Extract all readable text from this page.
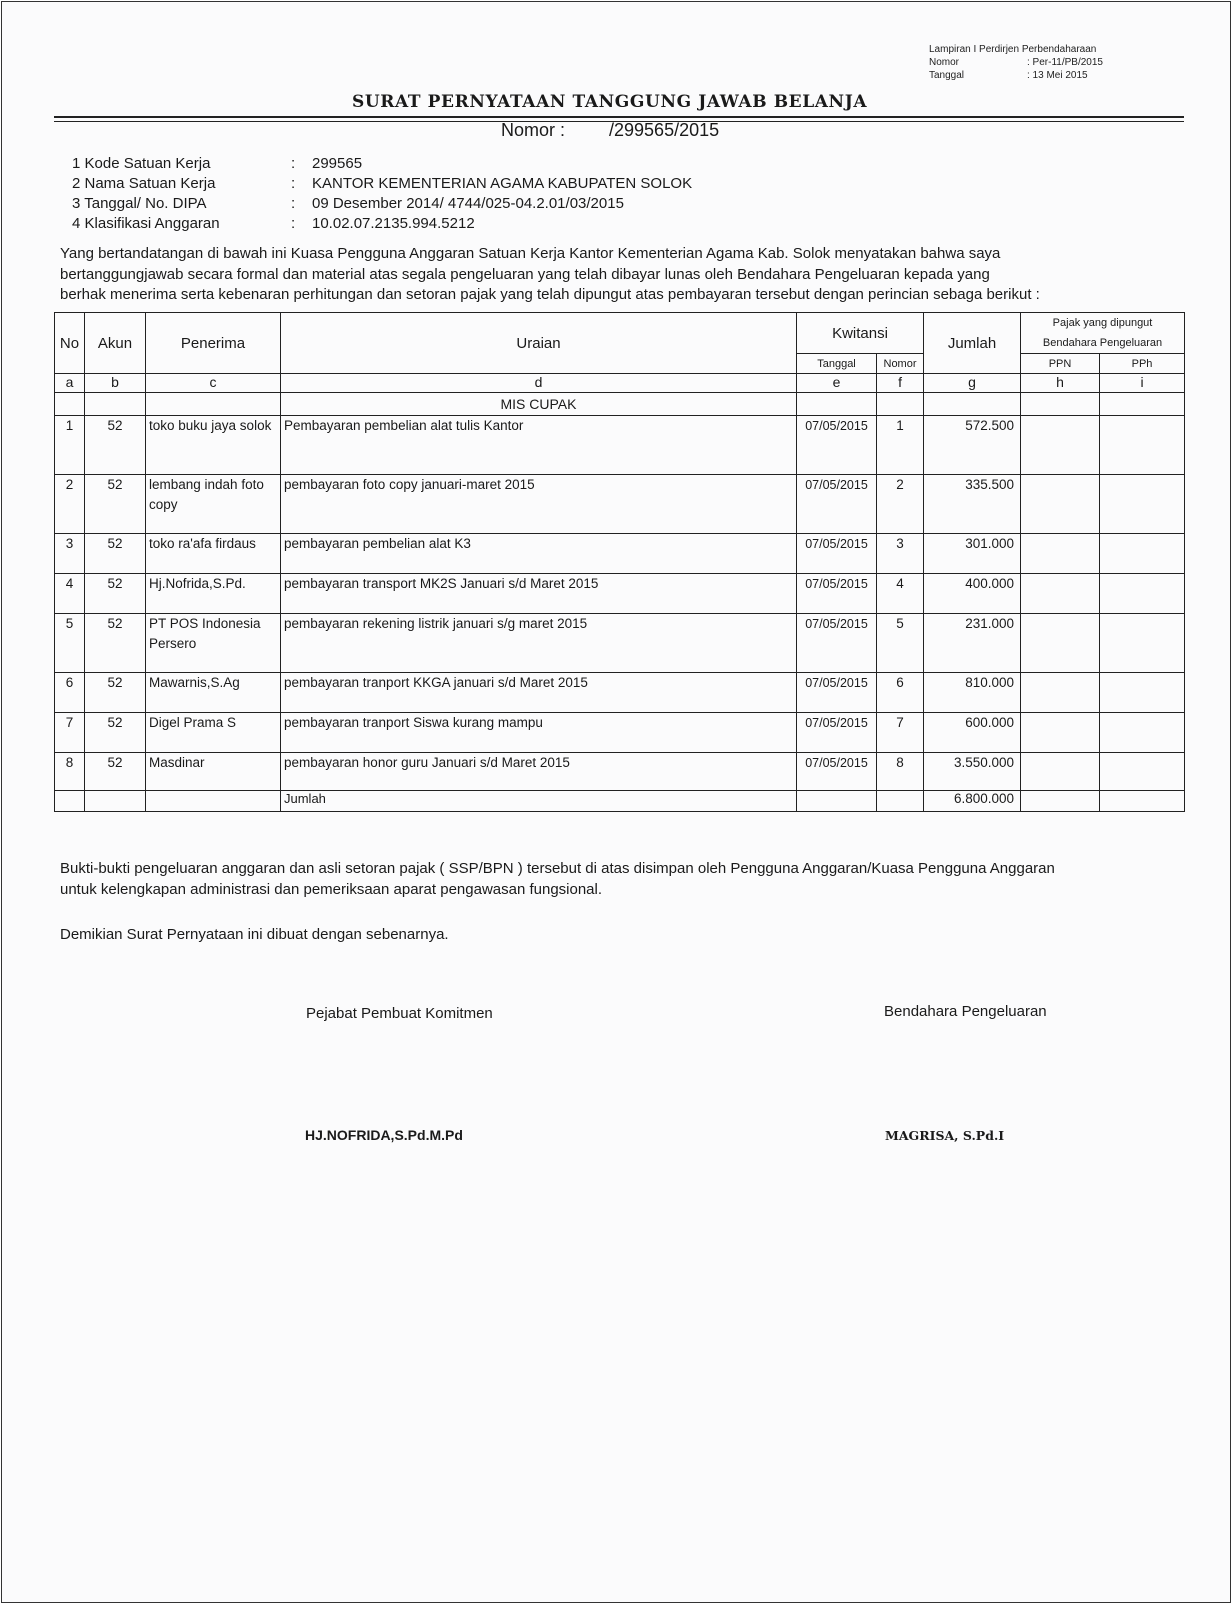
Lampiran I Perdirjen Perbendaharaan
Nomor	: Per-11/PB/2015
Tanggal	: 13 Mei 2015
SURAT PERNYATAAN TANGGUNG JAWAB BELANJA
Nomor : /299565/2015
1 Kode Satuan Kerja	: 299565
2 Nama Satuan Kerja	: KANTOR KEMENTERIAN AGAMA KABUPATEN SOLOK
3 Tanggal/ No. DIPA	: 09 Desember 2014/ 4744/025-04.2.01/03/2015
4 Klasifikasi Anggaran	: 10.02.07.2135.994.5212
Yang bertandatangan di bawah ini Kuasa Pengguna Anggaran Satuan Kerja Kantor Kementerian Agama Kab. Solok menyatakan bahwa saya
bertanggungjawab secara formal dan material atas segala pengeluaran yang telah dibayar lunas oleh Bendahara Pengeluaran kepada yang
berhak menerima serta kebenaran perhitungan dan setoran pajak yang telah dipungut atas pembayaran tersebut dengan perincian sebaga berikut :
No	Akun	Penerima	Uraian	Kwitansi		Jumlah	Pajak yang dipungut
Bendahara Pengeluaran	
				Tanggal	Nomor		PPN	PPh
a	b	c	d	e	f	g	h	i
			MIS CUPAK					
1	52	toko buku jaya solok	Pembayaran pembelian alat tulis Kantor	07/05/2015	1	572.500		
2	52	lembang indah foto copy	pembayaran foto copy januari-maret 2015	07/05/2015	2	335.500		
3	52	toko ra'afa firdaus	pembayaran pembelian alat K3	07/05/2015	3	301.000		
4	52	Hj.Nofrida,S.Pd.	pembayaran transport MK2S Januari s/d Maret 2015	07/05/2015	4	400.000		
5	52	PT POS Indonesia Persero	pembayaran rekening listrik januari s/g maret 2015	07/05/2015	5	231.000		
6	52	Mawarnis,S.Ag	pembayaran tranport KKGA januari s/d Maret 2015	07/05/2015	6	810.000		
7	52	Digel Prama S	pembayaran tranport Siswa kurang mampu	07/05/2015	7	600.000		
8	52	Masdinar	pembayaran honor guru Januari s/d Maret 2015	07/05/2015	8	3.550.000		
			Jumlah			6.800.000		
Bukti-bukti pengeluaran anggaran dan asli setoran pajak ( SSP/BPN ) tersebut di atas disimpan oleh Pengguna Anggaran/Kuasa Pengguna Anggaran
untuk kelengkapan administrasi dan pemeriksaan aparat pengawasan fungsional.
Demikian Surat Pernyataan ini dibuat dengan sebenarnya.
Pejabat Pembuat Komitmen	Bendahara Pengeluaran
HJ.NOFRIDA,S.Pd.M.Pd	MAGRISA, S.Pd.I
